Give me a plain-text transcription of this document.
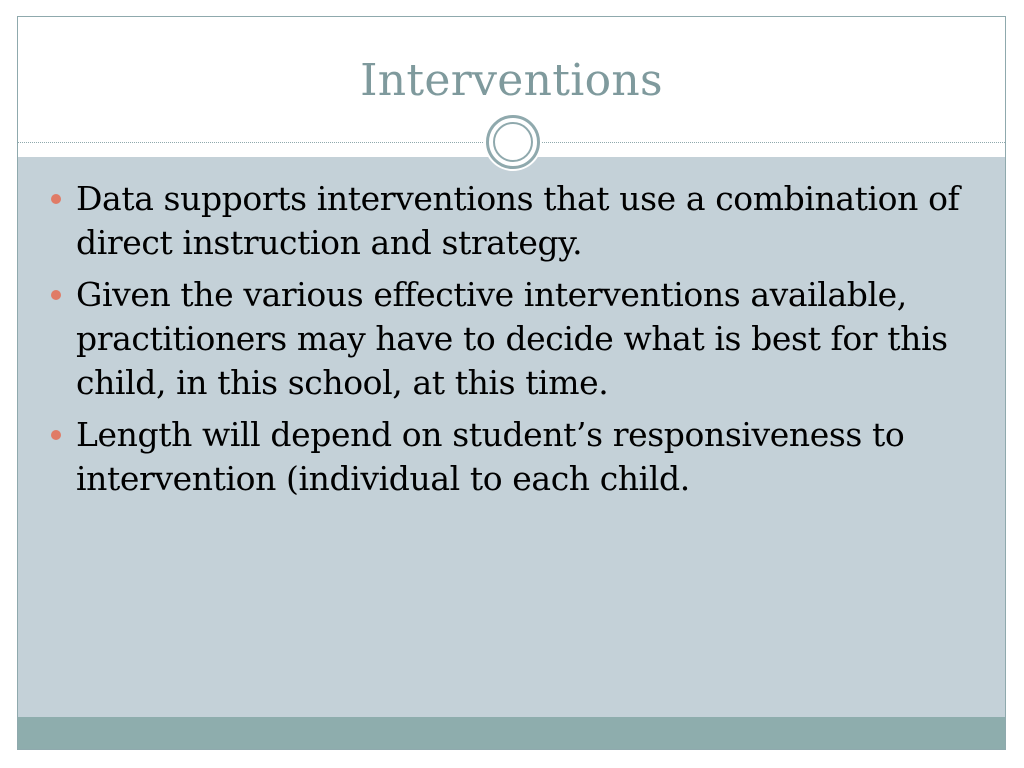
Interventions
Data supports interventions that use a combination of direct instruction and strategy.
Given the various effective interventions available, practitioners may have to decide what is best for this child, in this school, at this time.
Length will depend on student’s responsiveness to intervention (individual to each child.
